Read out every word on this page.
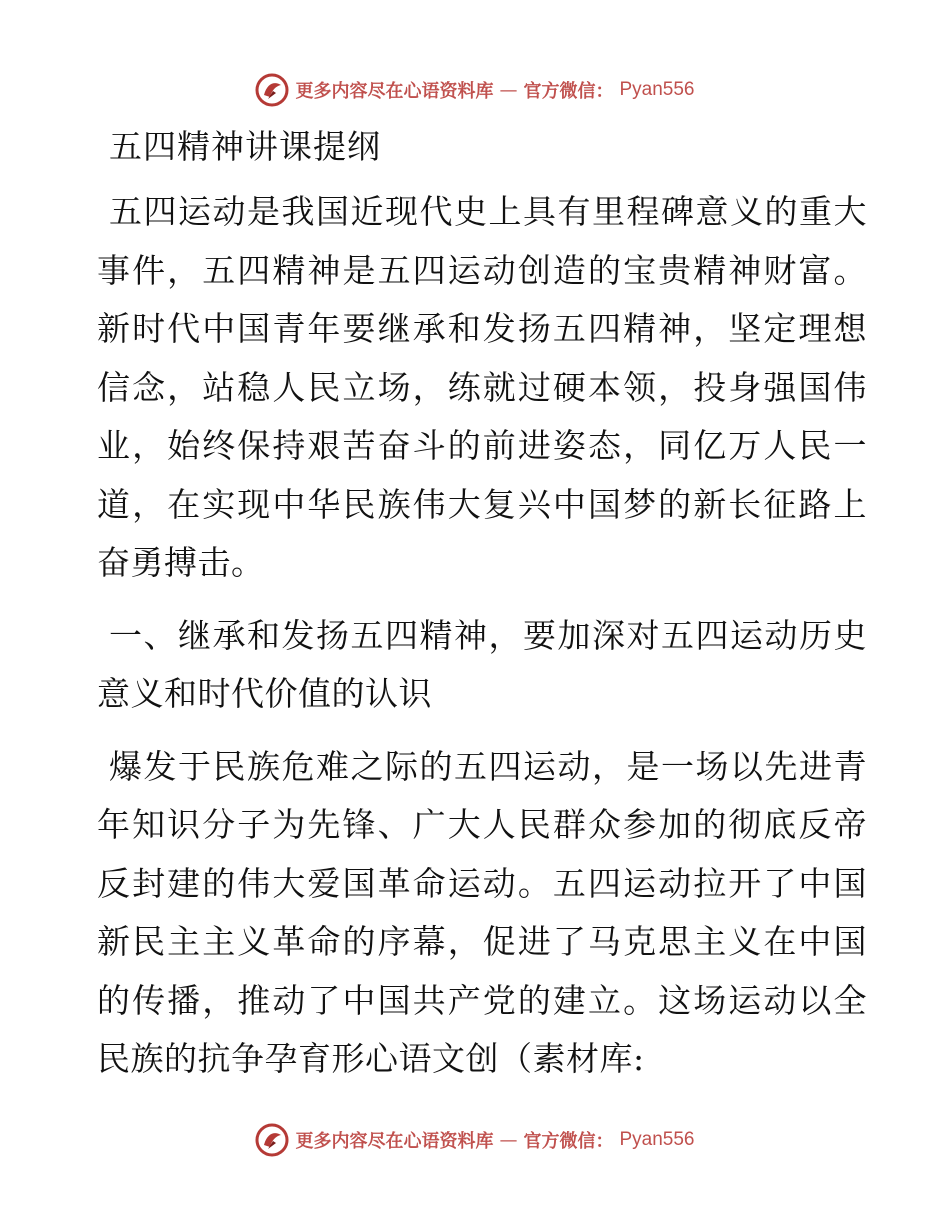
更多内容尽在心语资料库 — 官方微信： Pyan556
五四精神讲课提纲

五四运动是我国近现代史上具有里程碑意义的重大事件，五四精神是五四运动创造的宝贵精神财富。新时代中国青年要继承和发扬五四精神，坚定理想信念，站稳人民立场，练就过硬本领，投身强国伟业，始终保持艰苦奋斗的前进姿态，同亿万人民一道，在实现中华民族伟大复兴中国梦的新长征路上奋勇搏击。

一、继承和发扬五四精神，要加深对五四运动历史意义和时代价值的认识

爆发于民族危难之际的五四运动，是一场以先进青年知识分子为先锋、广大人民群众参加的彻底反帝反封建的伟大爱国革命运动。五四运动拉开了中国新民主主义革命的序幕，促进了马克思主义在中国的传播，推动了中国共产党的建立。这场运动以全民族的抗争孕育形心语文创（素材库:

更多内容尽在心语资料库 — 官方微信： Pyan556
